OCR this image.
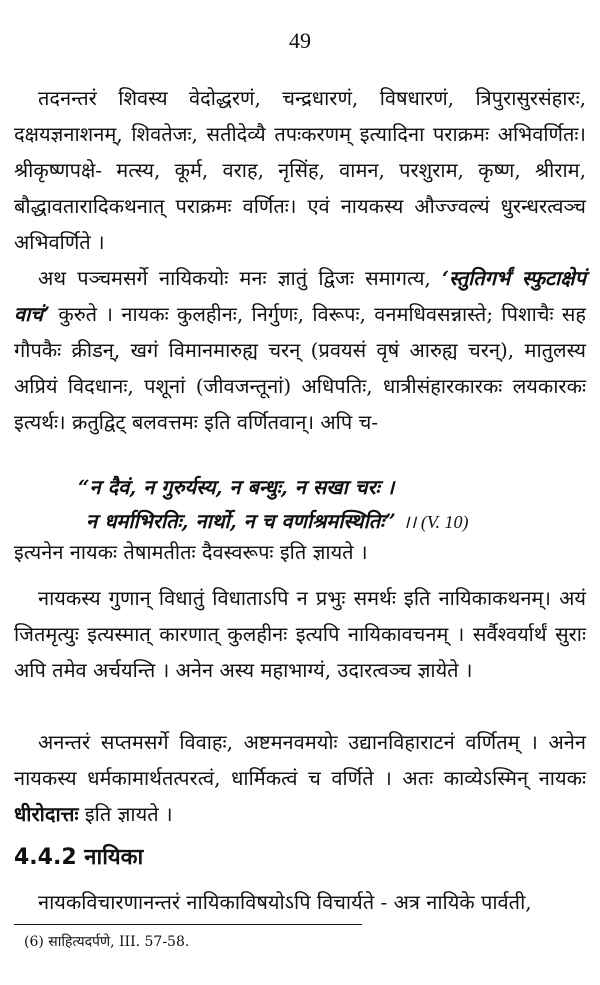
49
तदनन्तरं शिवस्य वेदोद्धरणं, चन्द्रधारणं, विषधारणं, त्रिपुरासुरसंहारः, दक्षयज्ञनाशनम्, शिवतेजः, सतीदेव्यै तपःकरणम् इत्यादिना पराक्रमः अभिवर्णितः। श्रीकृष्णपक्षे- मत्स्य, कूर्म, वराह, नृसिंह, वामन, परशुराम, कृष्ण, श्रीराम, बौद्धावतारादिकथनात् पराक्रमः वर्णितः। एवं नायकस्य औज्ज्वल्यं धुरन्धरत्वञ्च अभिवर्णिते ।
अथ पञ्चमसर्गे नायिकयोः मनः ज्ञातुं द्विजः समागत्य, ‘स्तुतिगर्भं स्फुटाक्षेपं वाचं’ कुरुते । नायकः कुलहीनः, निर्गुणः, विरूपः, वनमधिवसन्नास्ते; पिशाचैः सह गौपकैः क्रीडन्, खगं विमानमारुह्य चरन् (प्रवयसं वृषं आरुह्य चरन्), मातुलस्य अप्रियं विदधानः, पशूनां (जीवजन्तूनां) अधिपतिः, धात्रीसंहारकारकः लयकारकः इत्यर्थः। क्रतुद्विट् बलवत्तमः इति वर्णितवान्। अपि च-
“न दैवं, न गुरुर्यस्य, न बन्धुः, न सखा चरः ।
न धर्माभिरतिः, नार्थो, न च वर्णाश्रमस्थितिः” ।। (V. 10)
इत्यनेन नायकः तेषामतीतः दैवस्वरूपः इति ज्ञायते ।
नायकस्य गुणान् विधातुं विधाताऽपि न प्रभुः समर्थः इति नायिकाकथनम्। अयं जितमृत्युः इत्यस्मात् कारणात् कुलहीनः इत्यपि नायिकावचनम् । सर्वैश्वर्यार्थं सुराः अपि तमेव अर्चयन्ति । अनेन अस्य महाभाग्यं, उदारत्वञ्च ज्ञायेते ।
अनन्तरं सप्तमसर्गे विवाहः, अष्टमनवमयोः उद्यानविहाराटनं वर्णितम् । अनेन नायकस्य धर्मकामार्थतत्परत्वं, धार्मिकत्वं च वर्णिते । अतः काव्येऽस्मिन् नायकः धीरोदात्तः इति ज्ञायते ।
4.4.2 नायिका
नायकविचारणानन्तरं नायिकाविषयोऽपि विचार्यते - अत्र नायिके पार्वती,
(6) साहित्यदर्पणे, III. 57-58.
